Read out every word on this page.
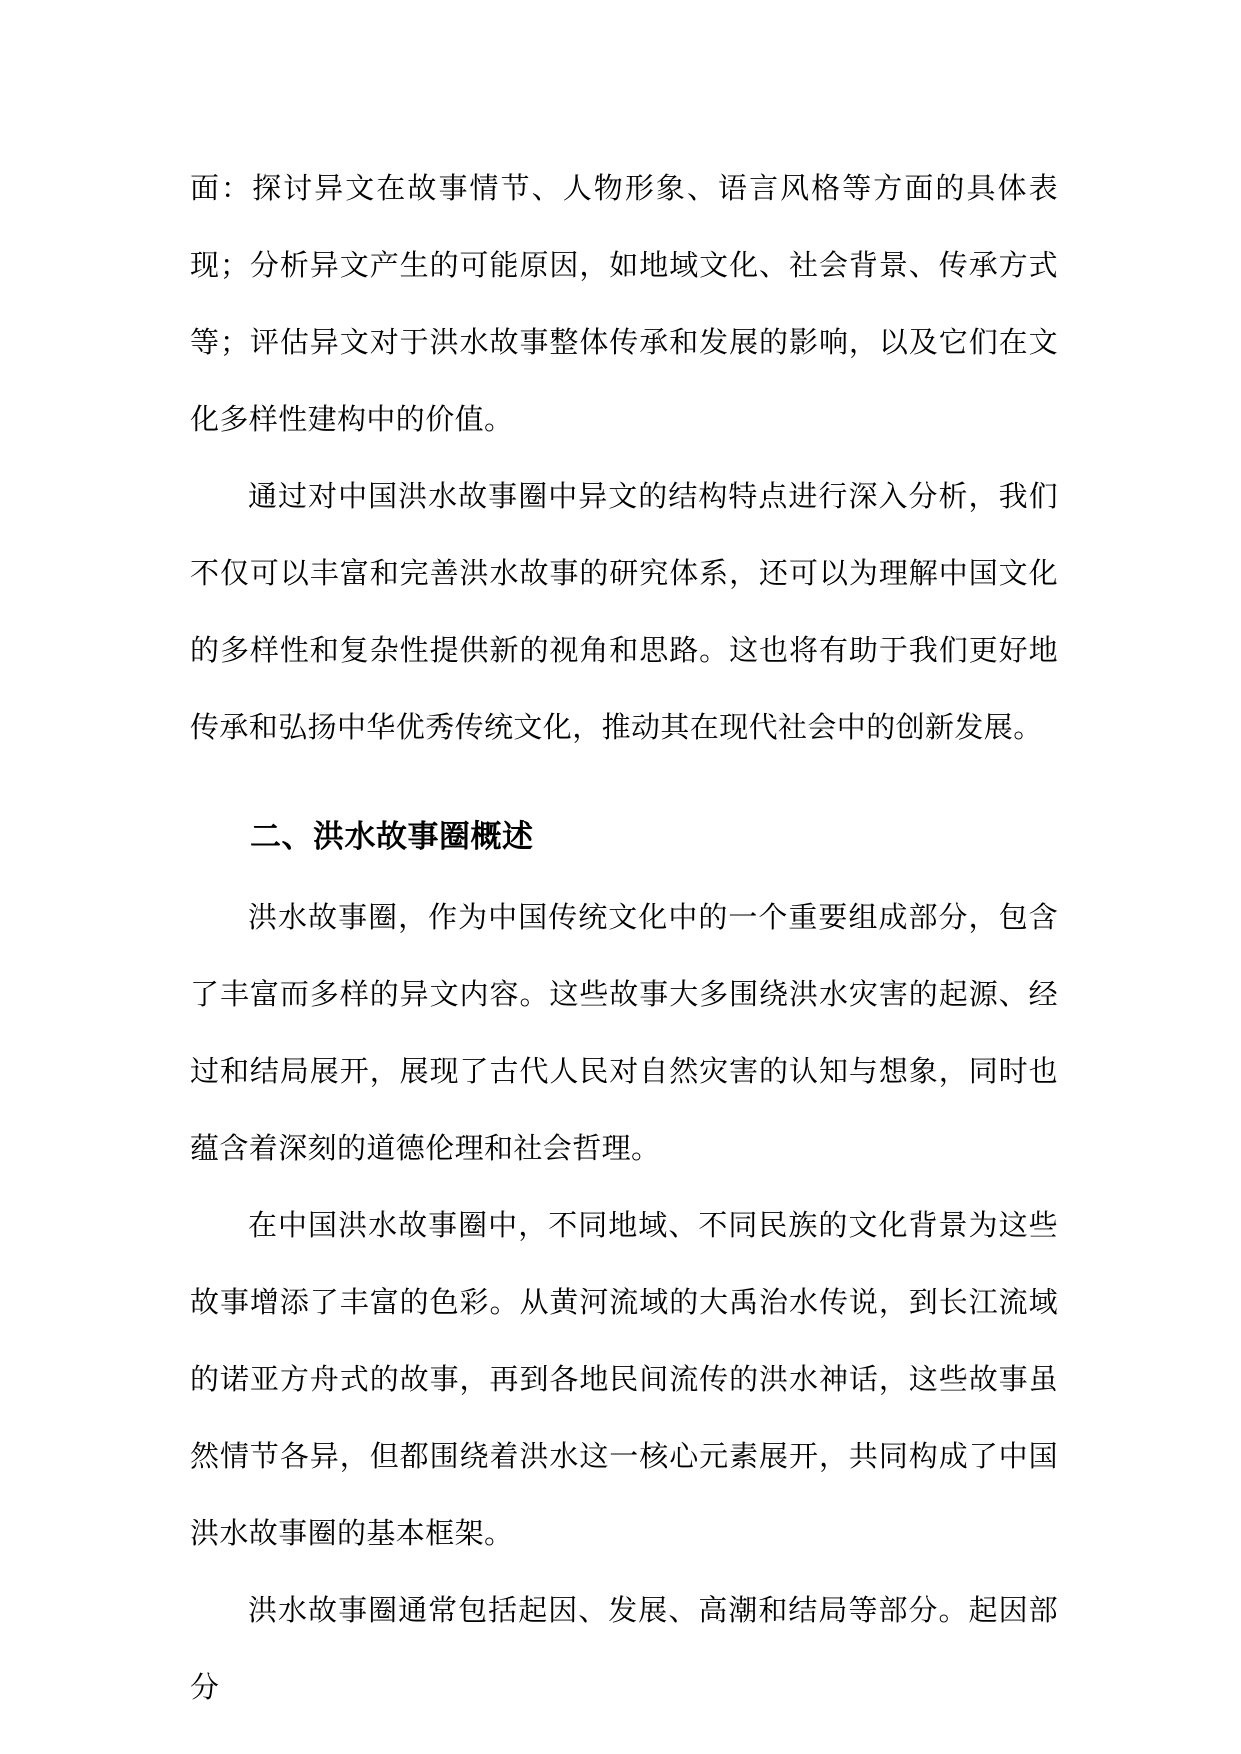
面：探讨异文在故事情节、人物形象、语言风格等方面的具体表现；分析异文产生的可能原因，如地域文化、社会背景、传承方式等；评估异文对于洪水故事整体传承和发展的影响，以及它们在文化多样性建构中的价值。

通过对中国洪水故事圈中异文的结构特点进行深入分析，我们不仅可以丰富和完善洪水故事的研究体系，还可以为理解中国文化的多样性和复杂性提供新的视角和思路。这也将有助于我们更好地传承和弘扬中华优秀传统文化，推动其在现代社会中的创新发展。

二、洪水故事圈概述

洪水故事圈，作为中国传统文化中的一个重要组成部分，包含了丰富而多样的异文内容。这些故事大多围绕洪水灾害的起源、经过和结局展开，展现了古代人民对自然灾害的认知与想象，同时也蕴含着深刻的道德伦理和社会哲理。

在中国洪水故事圈中，不同地域、不同民族的文化背景为这些故事增添了丰富的色彩。从黄河流域的大禹治水传说，到长江流域的诺亚方舟式的故事，再到各地民间流传的洪水神话，这些故事虽然情节各异，但都围绕着洪水这一核心元素展开，共同构成了中国洪水故事圈的基本框架。

洪水故事圈通常包括起因、发展、高潮和结局等部分。起因部分
